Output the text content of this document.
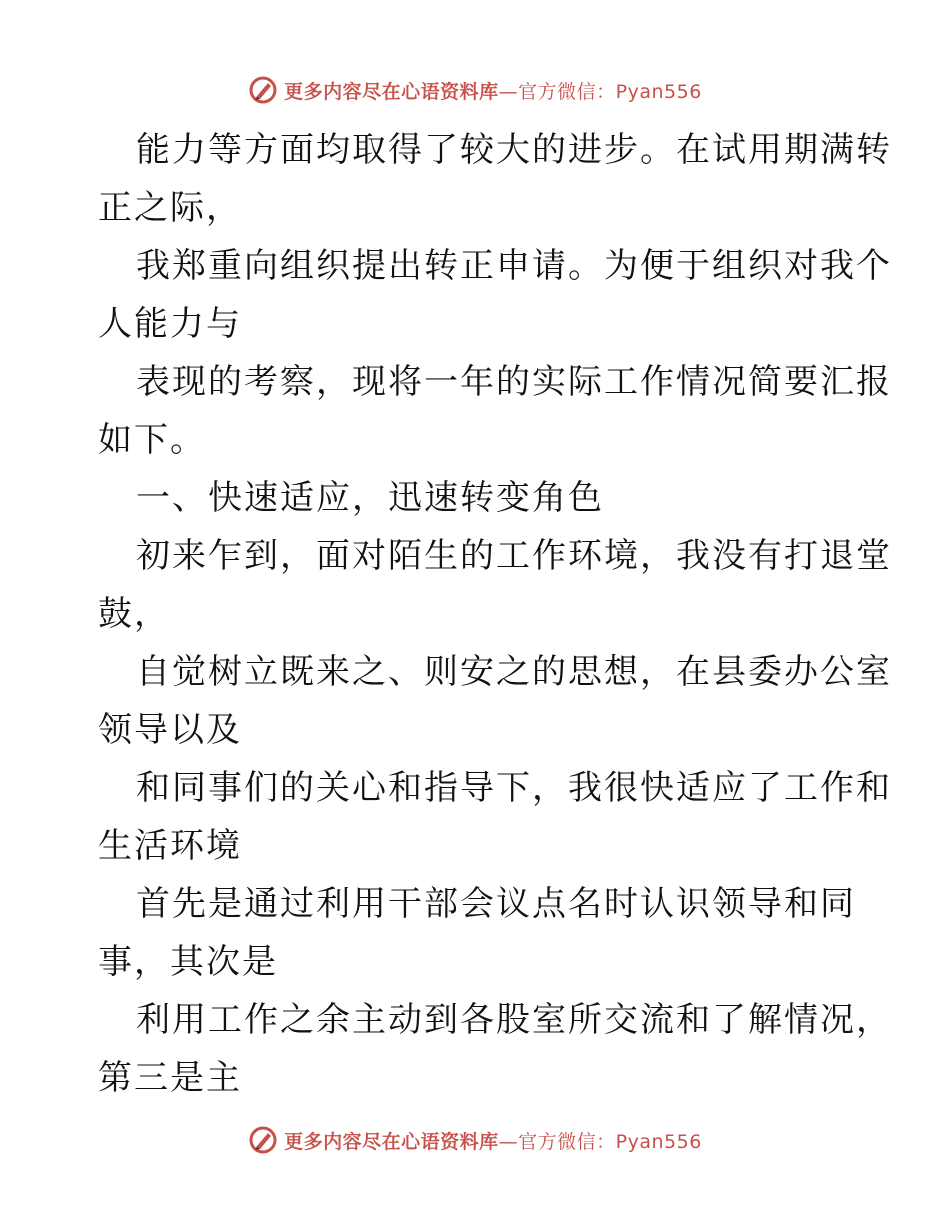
更多内容尽在心语资料库 —官方微信：Pyan556

能力等方面均取得了较大的进步。在试用期满转
正之际，

我郑重向组织提出转正申请。为便于组织对我个
人能力与

表现的考察，现将一年的实际工作情况简要汇报
如下。

一、快速适应，迅速转变角色

初来乍到，面对陌生的工作环境，我没有打退堂
鼓，

自觉树立既来之、则安之的思想，在县委办公室
领导以及

和同事们的关心和指导下，我很快适应了工作和
生活环境

首先是通过利用干部会议点名时认识领导和同
事，其次是

利用工作之余主动到各股室所交流和了解情况，
第三是主

更多内容尽在心语资料库 —官方微信：Pyan556
